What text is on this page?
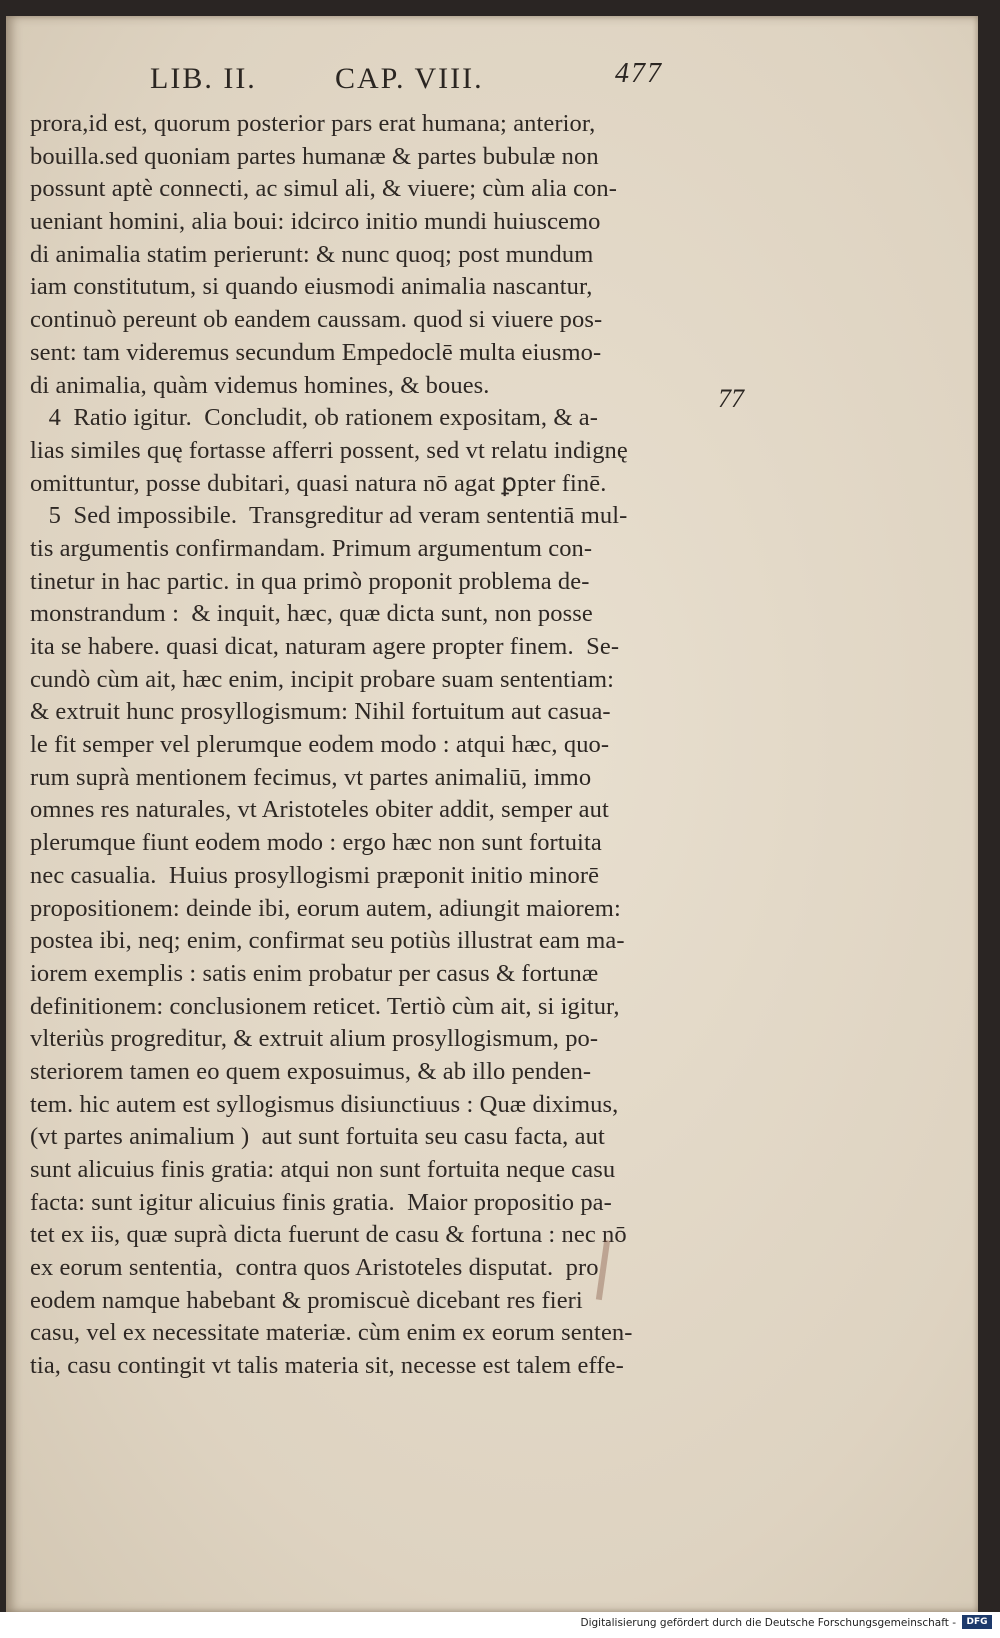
LIB. II.	CAP. VIII.	477
77
prora,id est, quorum posterior pars erat humana; anterior,
bouilla.sed quoniam partes humanæ & partes bubulæ non
possunt aptè connecti, ac simul ali, & viuere; cùm alia con-
ueniant homini, alia boui: idcirco initio mundi huiuscemo
di animalia statim perierunt: & nunc quoq; post mundum
iam constitutum, si quando eiusmodi animalia nascantur,
continuò pereunt ob eandem caussam. quod si viuere pos-
sent: tam videremus secundum Empedoclē multa eiusmo-
di animalia, quàm videmus homines, & boues.
4  Ratio igitur.  Concludit, ob rationem expositam, & a-
lias similes quę fortasse afferri possent, sed vt relatu indignę
omittuntur, posse dubitari, quasi natura nō agat ꝑpter finē.
5  Sed impossibile.  Transgreditur ad veram sententiā mul-
tis argumentis confirmandam. Primum argumentum con-
tinetur in hac partic. in qua primò proponit problema de-
monstrandum :  & inquit, hæc, quæ dicta sunt, non posse
ita se habere. quasi dicat, naturam agere propter finem.  Se-
cundò cùm ait, hæc enim, incipit probare suam sententiam:
& extruit hunc prosyllogismum: Nihil fortuitum aut casua-
le fit semper vel plerumque eodem modo : atqui hæc, quo-
rum suprà mentionem fecimus, vt partes animaliū, immo
omnes res naturales, vt Aristoteles obiter addit, semper aut
plerumque fiunt eodem modo : ergo hæc non sunt fortuita
nec casualia.  Huius prosyllogismi præponit initio minorē
propositionem: deinde ibi, eorum autem, adiungit maiorem:
postea ibi, neq; enim, confirmat seu potiùs illustrat eam ma-
iorem exemplis : satis enim probatur per casus & fortunæ
definitionem: conclusionem reticet. Tertiò cùm ait, si igitur,
vlteriùs progreditur, & extruit alium prosyllogismum, po-
steriorem tamen eo quem exposuimus, & ab illo penden-
tem. hic autem est syllogismus disiunctiuus : Quæ diximus,
(vt partes animalium )  aut sunt fortuita seu casu facta, aut
sunt alicuius finis gratia: atqui non sunt fortuita neque casu
facta: sunt igitur alicuius finis gratia.  Maior propositio pa-
tet ex iis, quæ suprà dicta fuerunt de casu & fortuna : nec nō
ex eorum sententia,  contra quos Aristoteles disputat.  pro
eodem namque habebant & promiscuè dicebant res fieri
casu, vel ex necessitate materiæ. cùm enim ex eorum senten-
tia, casu contingit vt talis materia sit, necesse est talem effe-
Digitalisierung gefördert durch die Deutsche Forschungsgemeinschaft -	DFG
